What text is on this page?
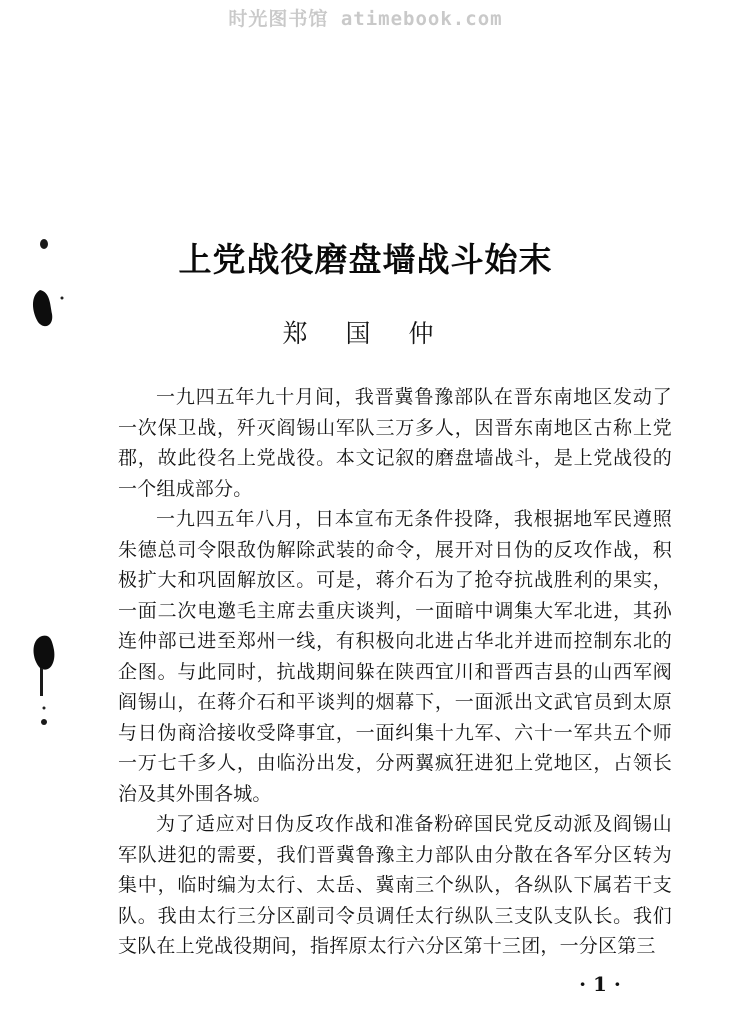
时光图书馆 atimebook.com
上党战役磨盘墙战斗始末
郑 国 仲

一九四五年九十月间，我晋冀鲁豫部队在晋东南地区发动了一次保卫战，歼灭阎锡山军队三万多人，因晋东南地区古称上党郡，故此役名上党战役。本文记叙的磨盘墙战斗，是上党战役的一个组成部分。

一九四五年八月，日本宣布无条件投降，我根据地军民遵照朱德总司令限敌伪解除武装的命令，展开对日伪的反攻作战，积极扩大和巩固解放区。可是，蒋介石为了抢夺抗战胜利的果实，一面二次电邀毛主席去重庆谈判，一面暗中调集大军北进，其孙连仲部已进至郑州一线，有积极向北进占华北并进而控制东北的企图。与此同时，抗战期间躲在陕西宜川和晋西吉县的山西军阀阎锡山，在蒋介石和平谈判的烟幕下，一面派出文武官员到太原与日伪商洽接收受降事宜，一面纠集十九军、六十一军共五个师一万七千多人，由临汾出发，分两翼疯狂进犯上党地区，占领长治及其外围各城。

为了适应对日伪反攻作战和准备粉碎国民党反动派及阎锡山军队进犯的需要，我们晋冀鲁豫主力部队由分散在各军分区转为集中，临时编为太行、太岳、冀南三个纵队，各纵队下属若干支队。我由太行三分区副司令员调任太行纵队三支队支队长。我们支队在上党战役期间，指挥原太行六分区第十三团，一分区第三

· 1 ·
